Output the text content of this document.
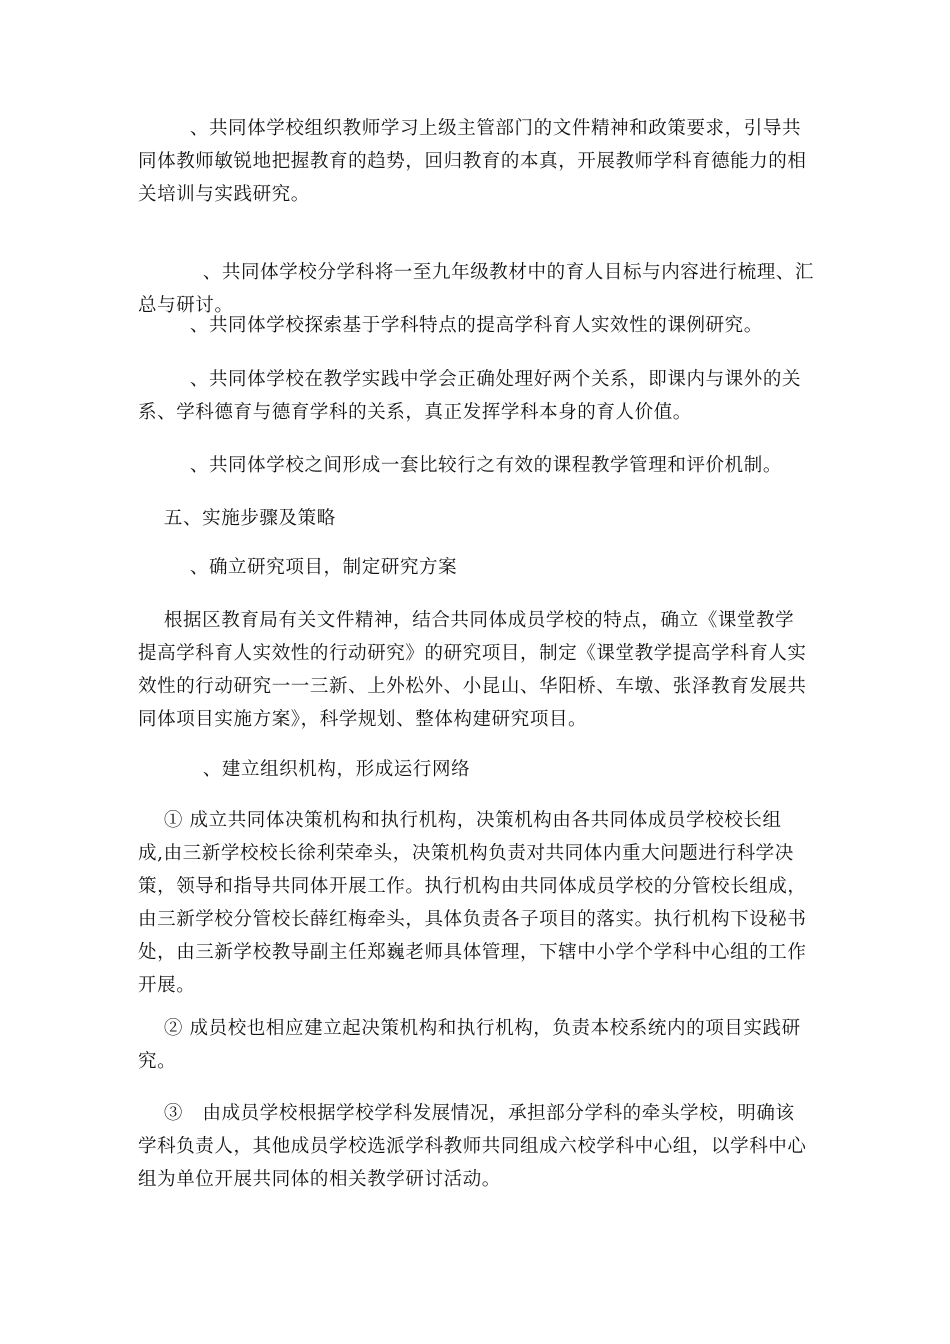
、共同体学校组织教师学习上级主管部门的文件精神和政策要求，引导共
同体教师敏锐地把握教育的趋势，回归教育的本真，开展教师学科育德能力的相
关培训与实践研究。

、共同体学校分学科将一至九年级教材中的育人目标与内容进行梳理、汇
总与研讨。

、共同体学校探索基于学科特点的提高学科育人实效性的课例研究。

、共同体学校在教学实践中学会正确处理好两个关系，即课内与课外的关
系、学科德育与德育学科的关系，真正发挥学科本身的育人价值。

、共同体学校之间形成一套比较行之有效的课程教学管理和评价机制。

五、实施步骤及策略

、确立研究项目，制定研究方案

根据区教育局有关文件精神，结合共同体成员学校的特点，确立《课堂教学
提高学科育人实效性的行动研究》的研究项目，制定《课堂教学提高学科育人实
效性的行动研究一一三新、上外松外、小昆山、华阳桥、车墩、张泽教育发展共
同体项目实施方案》，科学规划、整体构建研究项目。

、建立组织机构，形成运行网络

① 成立共同体决策机构和执行机构，决策机构由各共同体成员学校校长组
成,由三新学校校长徐利荣牵头，决策机构负责对共同体内重大问题进行科学决
策，领导和指导共同体开展工作。执行机构由共同体成员学校的分管校长组成，
由三新学校分管校长薛红梅牵头，具体负责各子项目的落实。执行机构下设秘书
处，由三新学校教导副主任郑巍老师具体管理，下辖中小学个学科中心组的工作
开展。

② 成员校也相应建立起决策机构和执行机构，负责本校系统内的项目实践研
究。

③   由成员学校根据学校学科发展情况，承担部分学科的牵头学校，明确该
学科负责人，其他成员学校选派学科教师共同组成六校学科中心组，以学科中心
组为单位开展共同体的相关教学研讨活动。
